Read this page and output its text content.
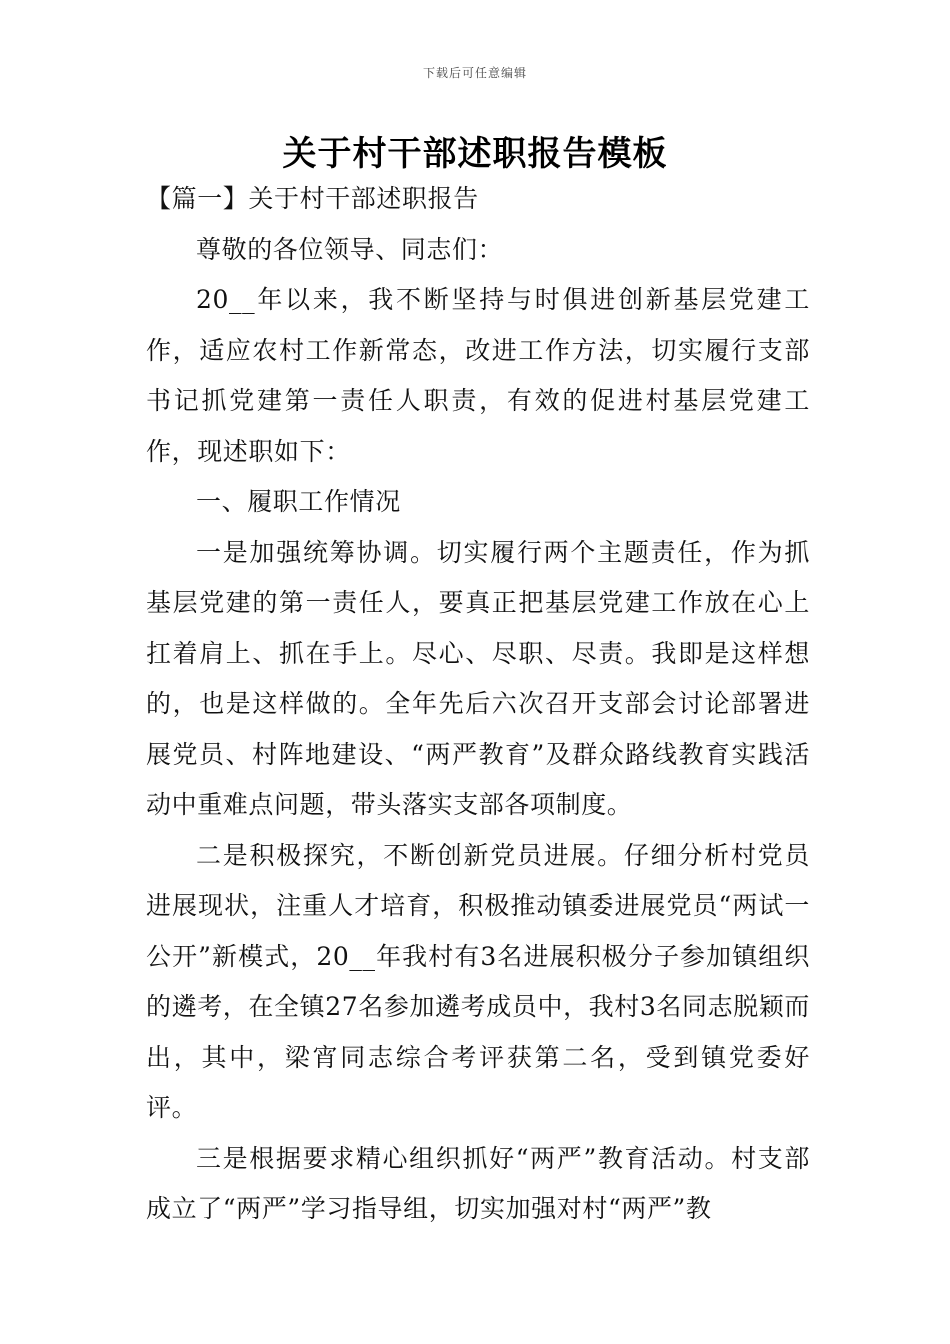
下载后可任意编辑
关于村干部述职报告模板

【篇一】关于村干部述职报告

尊敬的各位领导、同志们：

20__年以来，我不断坚持与时俱进创新基层党建工作，适应农村工作新常态，改进工作方法，切实履行支部书记抓党建第一责任人职责，有效的促进村基层党建工作，现述职如下：

一、履职工作情况

一是加强统筹协调。切实履行两个主题责任，作为抓基层党建的第一责任人，要真正把基层党建工作放在心上扛着肩上、抓在手上。尽心、尽职、尽责。我即是这样想的，也是这样做的。全年先后六次召开支部会讨论部署进展党员、村阵地建设、“两严教育”及群众路线教育实践活动中重难点问题，带头落实支部各项制度。

二是积极探究，不断创新党员进展。仔细分析村党员进展现状，注重人才培育，积极推动镇委进展党员“两试一公开”新模式，20__年我村有3名进展积极分子参加镇组织的遴考，在全镇27名参加遴考成员中，我村3名同志脱颖而出，其中，梁宵同志综合考评获第二名，受到镇党委好评。

三是根据要求精心组织抓好“两严”教育活动。村支部成立了“两严”学习指导组，切实加强对村“两严”教
